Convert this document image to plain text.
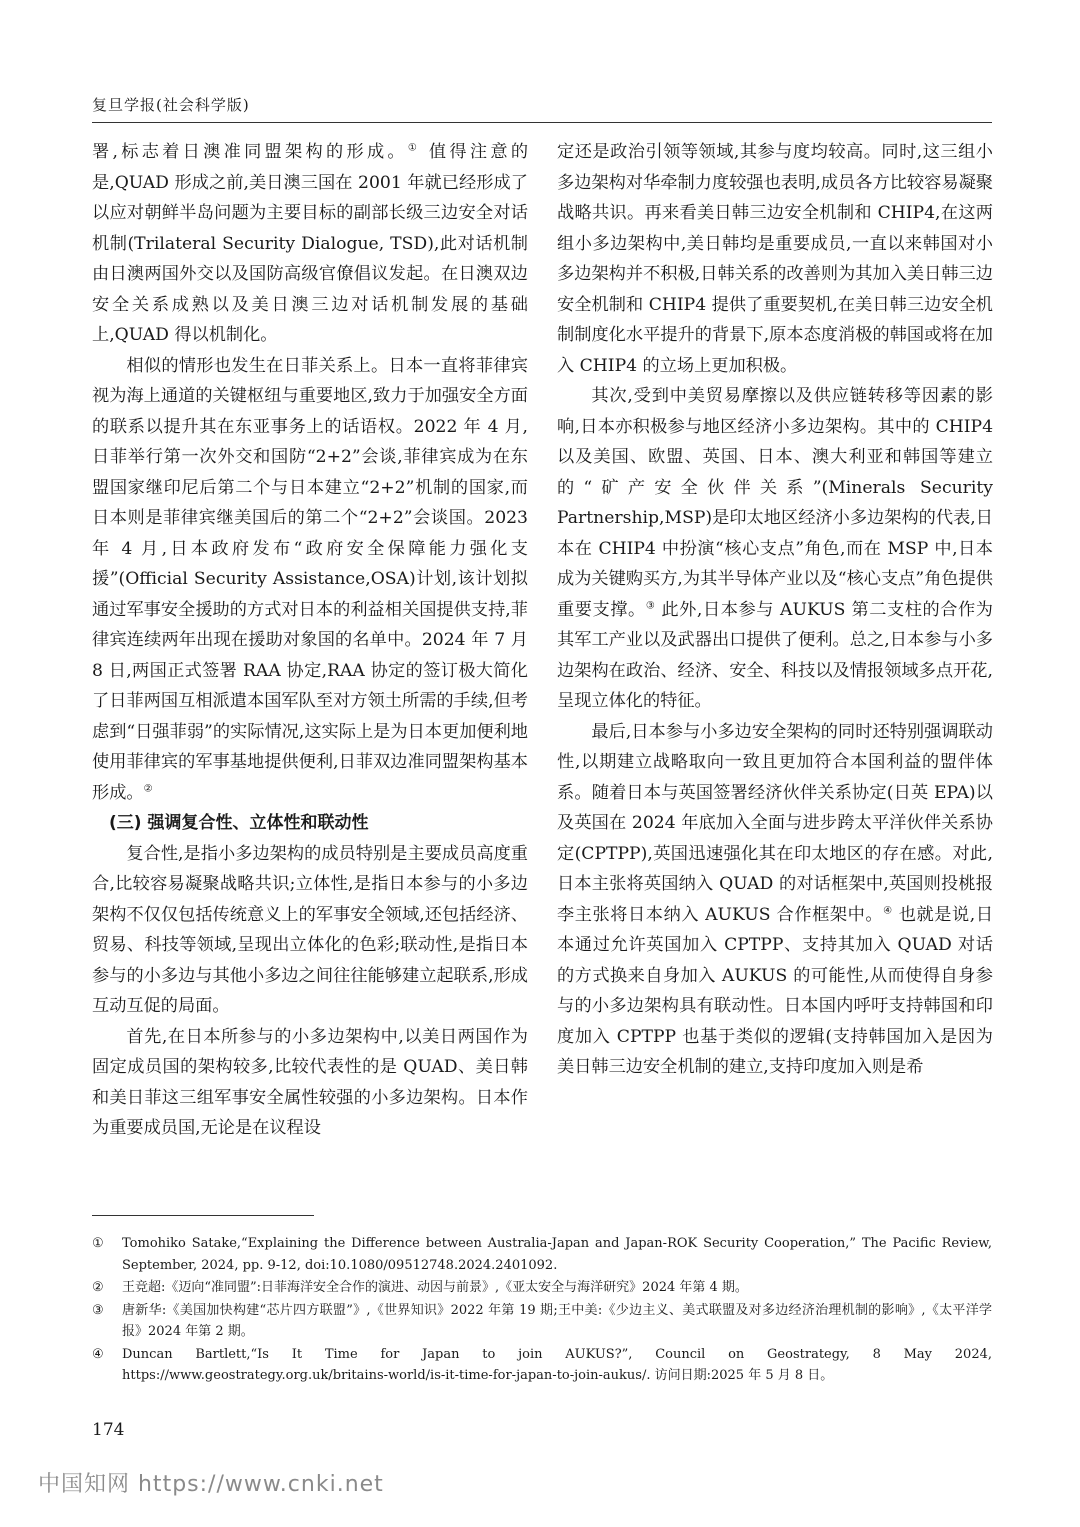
复旦学报(社会科学版)

署,标志着日澳准同盟架构的形成。① 值得注意的是,QUAD 形成之前,美日澳三国在 2001 年就已经形成了以应对朝鲜半岛问题为主要目标的副部长级三边安全对话机制(Trilateral Security Dialogue, TSD),此对话机制由日澳两国外交以及国防高级官僚倡议发起。在日澳双边安全关系成熟以及美日澳三边对话机制发展的基础上,QUAD 得以机制化。

相似的情形也发生在日菲关系上。日本一直将菲律宾视为海上通道的关键枢纽与重要地区,致力于加强安全方面的联系以提升其在东亚事务上的话语权。2022 年 4 月,日菲举行第一次外交和国防“2+2”会谈,菲律宾成为在东盟国家继印尼后第二个与日本建立“2+2”机制的国家,而日本则是菲律宾继美国后的第二个“2+2”会谈国。2023 年 4 月,日本政府发布“政府安全保障能力强化支援”(Official Security Assistance,OSA)计划,该计划拟通过军事安全援助的方式对日本的利益相关国提供支持,菲律宾连续两年出现在援助对象国的名单中。2024 年 7 月 8 日,两国正式签署 RAA 协定,RAA 协定的签订极大简化了日菲两国互相派遣本国军队至对方领土所需的手续,但考虑到“日强菲弱”的实际情况,这实际上是为日本更加便利地使用菲律宾的军事基地提供便利,日菲双边准同盟架构基本形成。②

(三) 强调复合性、立体性和联动性

复合性,是指小多边架构的成员特别是主要成员高度重合,比较容易凝聚战略共识;立体性,是指日本参与的小多边架构不仅仅包括传统意义上的军事安全领域,还包括经济、贸易、科技等领域,呈现出立体化的色彩;联动性,是指日本参与的小多边与其他小多边之间往往能够建立起联系,形成互动互促的局面。

首先,在日本所参与的小多边架构中,以美日两国作为固定成员国的架构较多,比较代表性的是 QUAD、美日韩和美日菲这三组军事安全属性较强的小多边架构。日本作为重要成员国,无论是在议程设

定还是政治引领等领域,其参与度均较高。同时,这三组小多边架构对华牵制力度较强也表明,成员各方比较容易凝聚战略共识。再来看美日韩三边安全机制和 CHIP4,在这两组小多边架构中,美日韩均是重要成员,一直以来韩国对小多边架构并不积极,日韩关系的改善则为其加入美日韩三边安全机制和 CHIP4 提供了重要契机,在美日韩三边安全机制制度化水平提升的背景下,原本态度消极的韩国或将在加入 CHIP4 的立场上更加积极。

其次,受到中美贸易摩擦以及供应链转移等因素的影响,日本亦积极参与地区经济小多边架构。其中的 CHIP4 以及美国、欧盟、英国、日本、澳大利亚和韩国等建立的“矿产安全伙伴关系”(Minerals Security Partnership,MSP)是印太地区经济小多边架构的代表,日本在 CHIP4 中扮演“核心支点”角色,而在 MSP 中,日本成为关键购买方,为其半导体产业以及“核心支点”角色提供重要支撑。③ 此外,日本参与 AUKUS 第二支柱的合作为其军工产业以及武器出口提供了便利。总之,日本参与小多边架构在政治、经济、安全、科技以及情报领域多点开花,呈现立体化的特征。

最后,日本参与小多边安全架构的同时还特别强调联动性,以期建立战略取向一致且更加符合本国利益的盟伴体系。随着日本与英国签署经济伙伴关系协定(日英 EPA)以及英国在 2024 年底加入全面与进步跨太平洋伙伴关系协定(CPTPP),英国迅速强化其在印太地区的存在感。对此,日本主张将英国纳入 QUAD 的对话框架中,英国则投桃报李主张将日本纳入 AUKUS 合作框架中。④ 也就是说,日本通过允许英国加入 CPTPP、支持其加入 QUAD 对话的方式换来自身加入 AUKUS 的可能性,从而使得自身参与的小多边架构具有联动性。日本国内呼吁支持韩国和印度加入 CPTPP 也基于类似的逻辑(支持韩国加入是因为美日韩三边安全机制的建立,支持印度加入则是希

①	Tomohiko Satake,“Explaining the Difference between Australia-Japan and Japan-ROK Security Cooperation,” The Pacific Review, September, 2024, pp. 9-12, doi:10.1080/09512748.2024.2401092.
②	王竞超:《迈向“准同盟”:日菲海洋安全合作的演进、动因与前景》,《亚太安全与海洋研究》2024 年第 4 期。
③	唐新华:《美国加快构建“芯片四方联盟”》,《世界知识》2022 年第 19 期;王中美:《少边主义、美式联盟及对多边经济治理机制的影响》,《太平洋学报》2024 年第 2 期。
④	Duncan Bartlett,“Is It Time for Japan to join AUKUS?”, Council on Geostrategy, 8 May 2024, https://www.geostrategy.org.uk/britains-world/is-it-time-for-japan-to-join-aukus/. 访问日期:2025 年 5 月 8 日。
174
中国知网 https://www.cnki.net
